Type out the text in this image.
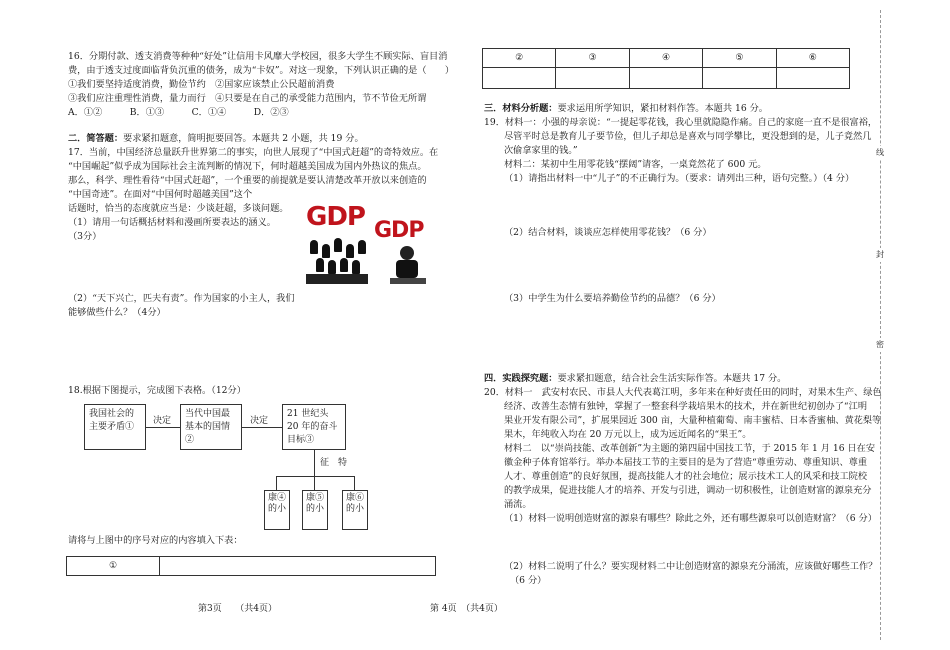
16．分期付款、透支消费等种种“好处”让信用卡风靡大学校园，很多大学生不顾实际、盲目消
费，由于透支过度面临背负沉重的债务，成为“卡奴”。对这一现象，下列认识正确的是（　　）
①我们要坚持适度消费，勤俭节约　②国家应该禁止公民超前消费
③我们应注重理性消费，量力而行　④只要是在自己的承受能力范围内，节不节俭无所谓
A．①②　　　B．①③　　　C．①④　　　D．②③
二．简答题：要求紧扣题意，简明扼要回答。本题共 2 小题，共 19 分。
17．当前，中国经济总量跃升世界第二的事实，向世人展现了“中国式赶超”的奇特效应。在
“中国崛起”似乎成为国际社会主流判断的情况下，何时超越美国成为国内外热议的焦点。
那么，科学、理性看待“中国式赶超”，一个重要的前提就是要认清楚改革开放以来创造的
“中国奇迹”。在面对“中国何时超越美国”这个
话题时，恰当的态度就应当是：少谈赶超，多谈问题。
（1）请用一句话概括材料和漫画所要表达的涵义。
（3分）
GDP GDP
（2）“天下兴亡，匹夫有责”。作为国家的小主人，我们
能够做些什么？（4分）
18.根据下图提示，完成图下表格。（12分）
我国社会的主要矛盾①
决定
当代中国最基本的国情②
决定
21 世纪头 20 年的奋斗目标③
征　特
康④的小
康⑤的小
康⑥的小
请将与上图中的序号对应的内容填入下表：
①	
第3页　　（共4页）
②	③	④	⑤	⑥

三．材料分析题：要求运用所学知识，紧扣材料作答。本题共 16 分。
19．材料一：小强的母亲说：“一提起零花钱，我心里就隐隐作痛。自己的家庭一直不是很富裕，
尽管平时总是教育儿子要节俭，但儿子却总是喜欢与同学攀比，更没想到的是，儿子竟然几
次偷拿家里的钱。”
材料二：某初中生用零花钱“摆阔”请客，一桌竟然花了 600 元。
（1）请指出材料一中“儿子”的不正确行为。（要求：请列出三种，语句完整。）（4 分）
（2）结合材料，谈谈应怎样使用零花钱？（6 分）
（3）中学生为什么要培养勤俭节约的品德？（6 分）
四．实践探究题：要求紧扣题意，结合社会生活实际作答。本题共 17 分。
20．材料一　武安村农民、市县人大代表葛江明，多年来在种好责任田的同时，对果木生产、绿色
经济、改善生态情有独钟，掌握了一整套科学栽培果木的技术，并在新世纪初创办了“江明
果业开发有限公司”，扩展果园近 300 亩，大量种植葡萄、南丰蜜桔、日本香蜜柚、黄花梨等
果木，年纯收入均在 20 万元以上，成为远近闻名的“果王”。
材料二　以“崇尚技能、改革创新”为主题的第四届中国技工节，于 2015 年 1 月 16 日在安
徽金种子体育馆举行。举办本届技工节的主要目的是为了营造“尊重劳动、尊重知识、尊重
人才、尊重创造”的良好氛围，提高技能人才的社会地位；展示技术工人的风采和技工院校
的教学成果，促进技能人才的培养、开发与引进，调动一切积极性，让创造财富的源泉充分
涌流。
（1）材料一说明创造财富的源泉有哪些？除此之外，还有哪些源泉可以创造财富？（6 分）
（2）材料二说明了什么？要实现材料二中让创造财富的源泉充分涌流，应该做好哪些工作？
（6 分）
第 4页　（共4页）
线
封
密
